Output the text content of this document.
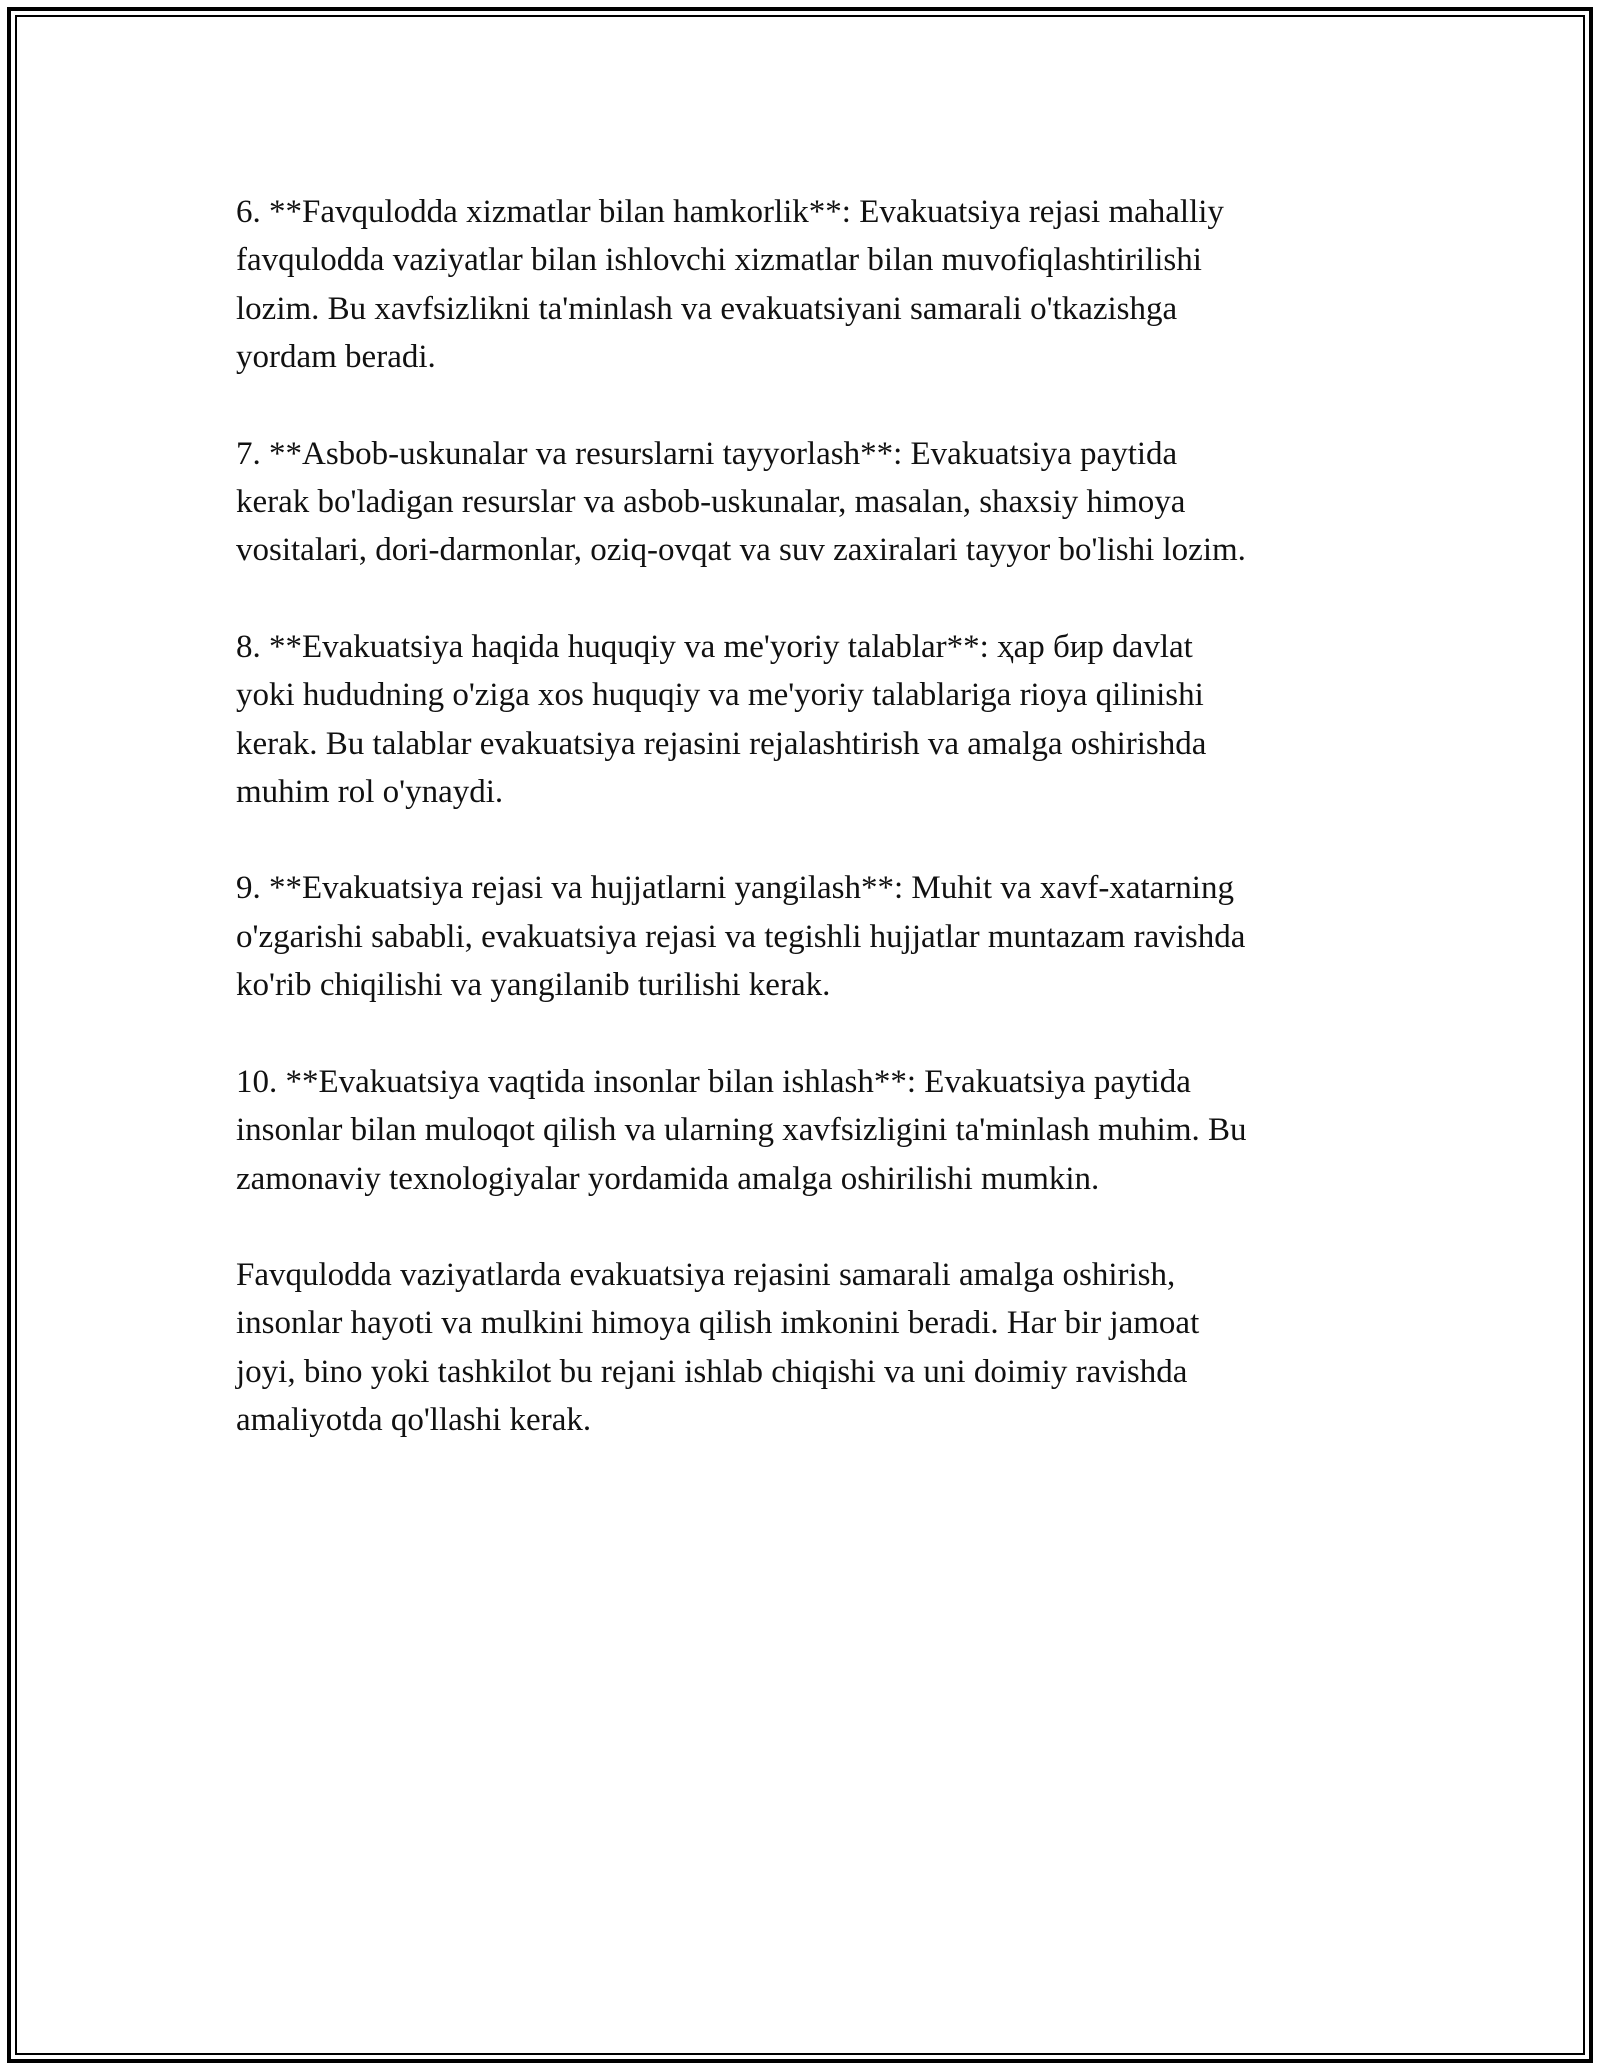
6. **Favqulodda xizmatlar bilan hamkorlik**: Evakuatsiya rejasi mahalliy
favqulodda vaziyatlar bilan ishlovchi xizmatlar bilan muvofiqlashtirilishi
lozim. Bu xavfsizlikni ta'minlash va evakuatsiyani samarali o'tkazishga
yordam beradi.

7. **Asbob-uskunalar va resurslarni tayyorlash**: Evakuatsiya paytida
kerak bo'ladigan resurslar va asbob-uskunalar, masalan, shaxsiy himoya
vositalari, dori-darmonlar, oziq-ovqat va suv zaxiralari tayyor bo'lishi lozim.

8. **Evakuatsiya haqida huquqiy va me'yoriy talablar**: ҳар бир davlat
yoki hududning o'ziga xos huquqiy va me'yoriy talablariga rioya qilinishi
kerak. Bu talablar evakuatsiya rejasini rejalashtirish va amalga oshirishda
muhim rol o'ynaydi.

9. **Evakuatsiya rejasi va hujjatlarni yangilash**: Muhit va xavf-xatarning
o'zgarishi sababli, evakuatsiya rejasi va tegishli hujjatlar muntazam ravishda
ko'rib chiqilishi va yangilanib turilishi kerak.

10. **Evakuatsiya vaqtida insonlar bilan ishlash**: Evakuatsiya paytida
insonlar bilan muloqot qilish va ularning xavfsizligini ta'minlash muhim. Bu
zamonaviy texnologiyalar yordamida amalga oshirilishi mumkin.

Favqulodda vaziyatlarda evakuatsiya rejasini samarali amalga oshirish,
insonlar hayoti va mulkini himoya qilish imkonini beradi. Har bir jamoat
joyi, bino yoki tashkilot bu rejani ishlab chiqishi va uni doimiy ravishda
amaliyotda qo'llashi kerak.
